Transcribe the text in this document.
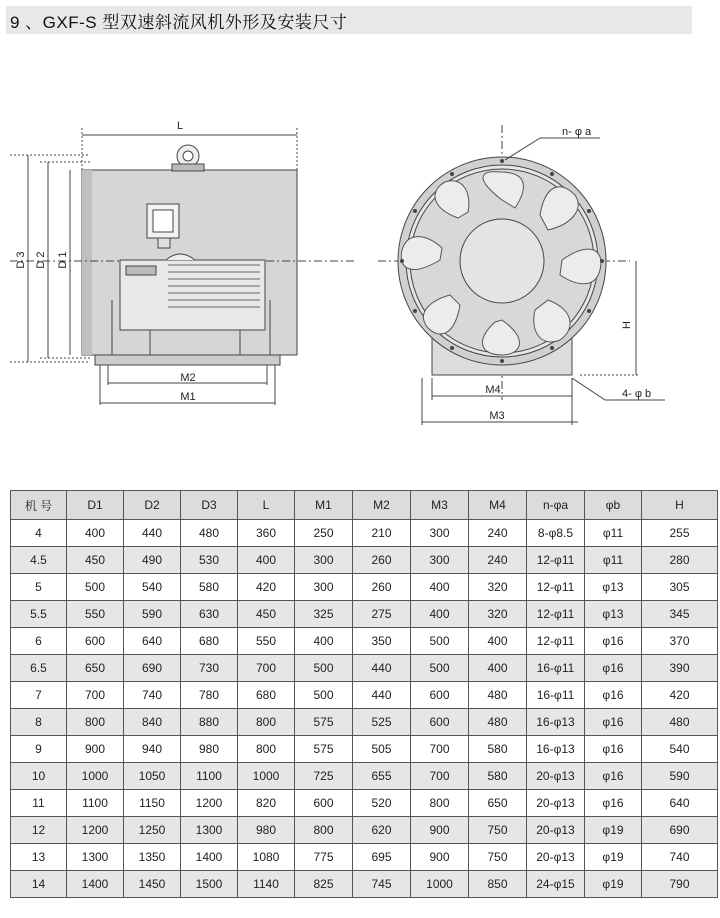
9 、GXF-S 型双速斜流风机外形及安装尺寸
L
D 3 D 2 D 1
M2
M1
n- φ a
H
M4
M3
4- φ b
机 号	D1	D2	D3	L	M1	M2	M3	M4	n-φa	φb	H
4	400	440	480	360	250	210	300	240	8-φ8.5	φ11	255
4.5	450	490	530	400	300	260	300	240	12-φ11	φ11	280
5	500	540	580	420	300	260	400	320	12-φ11	φ13	305
5.5	550	590	630	450	325	275	400	320	12-φ11	φ13	345
6	600	640	680	550	400	350	500	400	12-φ11	φ16	370
6.5	650	690	730	700	500	440	500	400	16-φ11	φ16	390
7	700	740	780	680	500	440	600	480	16-φ11	φ16	420
8	800	840	880	800	575	525	600	480	16-φ13	φ16	480
9	900	940	980	800	575	505	700	580	16-φ13	φ16	540
10	1000	1050	1100	1000	725	655	700	580	20-φ13	φ16	590
11	1100	1150	1200	820	600	520	800	650	20-φ13	φ16	640
12	1200	1250	1300	980	800	620	900	750	20-φ13	φ19	690
13	1300	1350	1400	1080	775	695	900	750	20-φ13	φ19	740
14	1400	1450	1500	1140	825	745	1000	850	24-φ15	φ19	790
